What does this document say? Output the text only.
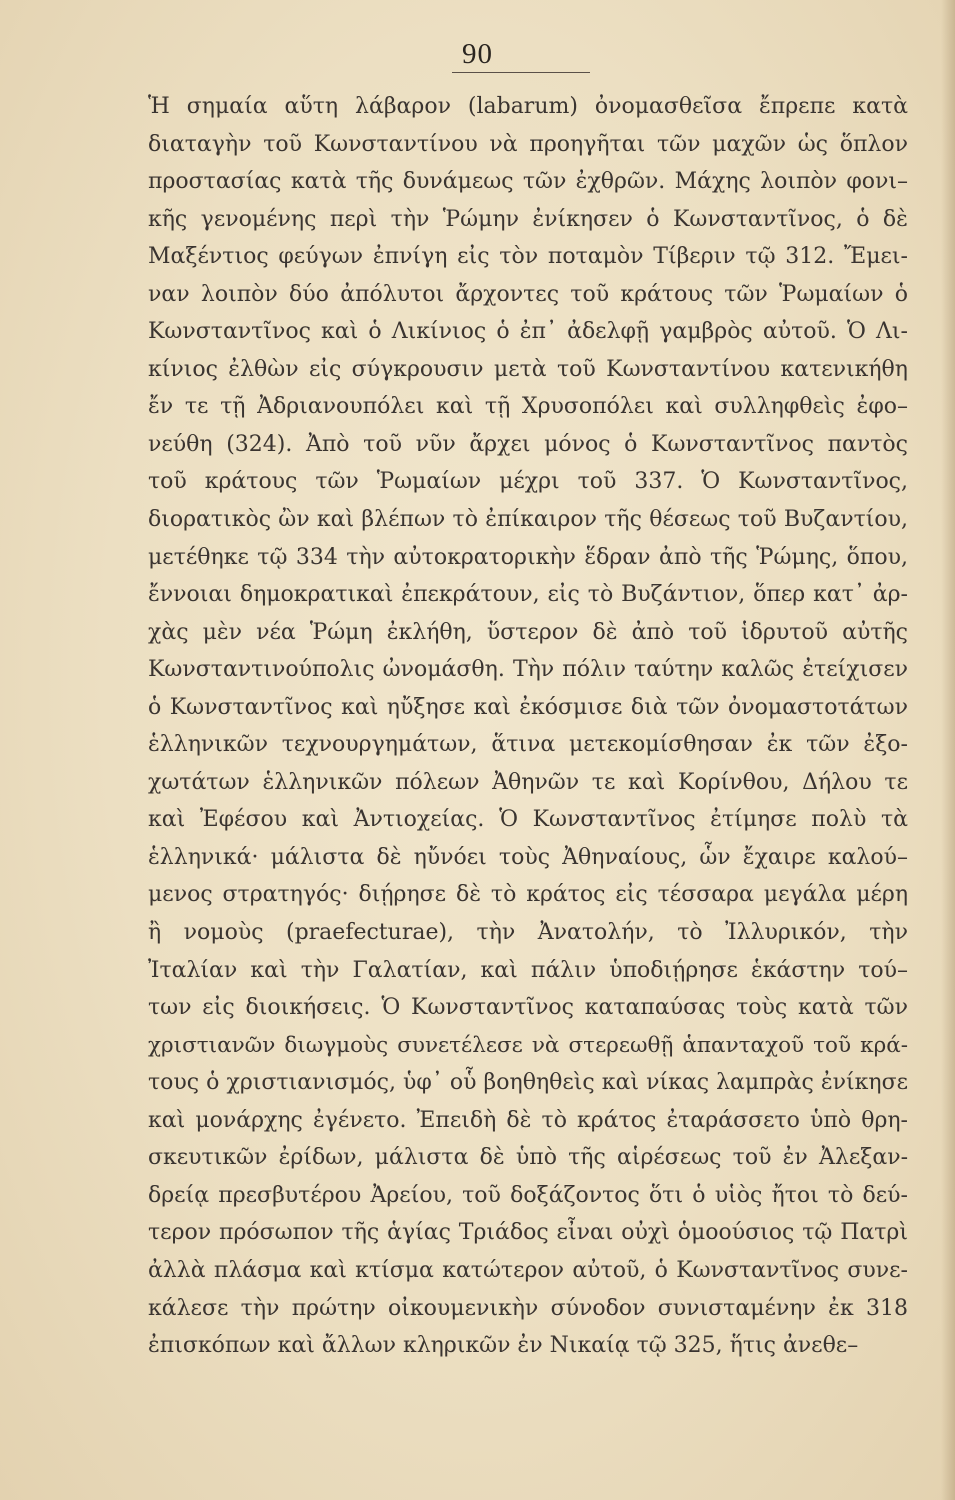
90
Ἡ σημαία αὕτη λάβαρον (labarum) ὀνομασθεῖσα ἔπρεπε κατὰ
διαταγὴν τοῦ Κωνσταντίνου νὰ προηγῆται τῶν μαχῶν ὡς ὅπλον
προστασίας κατὰ τῆς δυνάμεως τῶν ἐχθρῶν. Μάχης λοιπὸν φονι–
κῆς γενομένης περὶ τὴν Ῥώμην ἐνίκησεν ὁ Κωνσταντῖνος, ὁ δὲ
Μαξέντιος φεύγων ἐπνίγη εἰς τὸν ποταμὸν Τίβεριν τῷ 312. Ἔμει-
ναν λοιπὸν δύο ἀπόλυτοι ἄρχοντες τοῦ κράτους τῶν Ῥωμαίων ὁ
Κωνσταντῖνος καὶ ὁ Λικίνιος ὁ ἐπ᾽ ἀδελφῇ γαμβρὸς αὐτοῦ. Ὁ Λι-
κίνιος ἐλθὼν εἰς σύγκρουσιν μετὰ τοῦ Κωνσταντίνου κατενικήθη
ἔν τε τῇ Ἀδριανουπόλει καὶ τῇ Χρυσοπόλει καὶ συλληφθεὶς ἐφο–
νεύθη (324). Ἀπὸ τοῦ νῦν ἄρχει μόνος ὁ Κωνσταντῖνος παντὸς
τοῦ κράτους τῶν Ῥωμαίων μέχρι τοῦ 337. Ὁ Κωνσταντῖνος,
διορατικὸς ὢν καὶ βλέπων τὸ ἐπίκαιρον τῆς θέσεως τοῦ Βυζαντίου,
μετέθηκε τῷ 334 τὴν αὐτοκρατορικὴν ἕδραν ἀπὸ τῆς Ῥώμης, ὅπου,
ἔννοιαι δημοκρατικαὶ ἐπεκράτουν, εἰς τὸ Βυζάντιον, ὅπερ κατ᾽ ἀρ-
χὰς μὲν νέα Ῥώμη ἐκλήθη, ὕστερον δὲ ἀπὸ τοῦ ἱδρυτοῦ αὐτῆς
Κωνσταντινούπολις ὠνομάσθη. Τὴν πόλιν ταύτην καλῶς ἐτείχισεν
ὁ Κωνσταντῖνος καὶ ηὔξησε καὶ ἐκόσμισε διὰ τῶν ὀνομαστοτάτων
ἑλληνικῶν τεχνουργημάτων, ἅτινα μετεκομίσθησαν ἐκ τῶν ἐξο-
χωτάτων ἑλληνικῶν πόλεων Ἀθηνῶν τε καὶ Κορίνθου, Δήλου τε
καὶ Ἐφέσου καὶ Ἀντιοχείας. Ὁ Κωνσταντῖνος ἐτίμησε πολὺ τὰ
ἑλληνικά· μάλιστα δὲ ηὔνόει τοὺς Ἀθηναίους, ὧν ἔχαιρε καλού–
μενος στρατηγός· διῄρησε δὲ τὸ κράτος εἰς τέσσαρα μεγάλα μέρη
ἢ νομοὺς (praefecturae), τὴν Ἀνατολήν, τὸ Ἰλλυρικόν, τὴν
Ἰταλίαν καὶ τὴν Γαλατίαν, καὶ πάλιν ὑποδιῄρησε ἑκάστην τού–
των εἰς διοικήσεις. Ὁ Κωνσταντῖνος καταπαύσας τοὺς κατὰ τῶν
χριστιανῶν διωγμοὺς συνετέλεσε νὰ στερεωθῇ ἁπανταχοῦ τοῦ κρά-
τους ὁ χριστιανισμός, ὑφ᾽ οὗ βοηθηθεὶς καὶ νίκας λαμπρὰς ἐνίκησε
καὶ μονάρχης ἐγένετο. Ἐπειδὴ δὲ τὸ κράτος ἐταράσσετο ὑπὸ θρη-
σκευτικῶν ἐρίδων, μάλιστα δὲ ὑπὸ τῆς αἱρέσεως τοῦ ἐν Ἀλεξαν-
δρείᾳ πρεσβυτέρου Ἀρείου, τοῦ δοξάζοντος ὅτι ὁ υἱὸς ἤτοι τὸ δεύ-
τερον πρόσωπον τῆς ἁγίας Τριάδος εἶναι οὐχὶ ὁμοούσιος τῷ Πατρὶ
ἀλλὰ πλάσμα καὶ κτίσμα κατώτερον αὐτοῦ, ὁ Κωνσταντῖνος συνε-
κάλεσε τὴν πρώτην οἰκουμενικὴν σύνοδον συνισταμένην ἐκ 318
ἐπισκόπων καὶ ἄλλων κληρικῶν ἐν Νικαίᾳ τῷ 325, ἥτις ἀνεθε–
